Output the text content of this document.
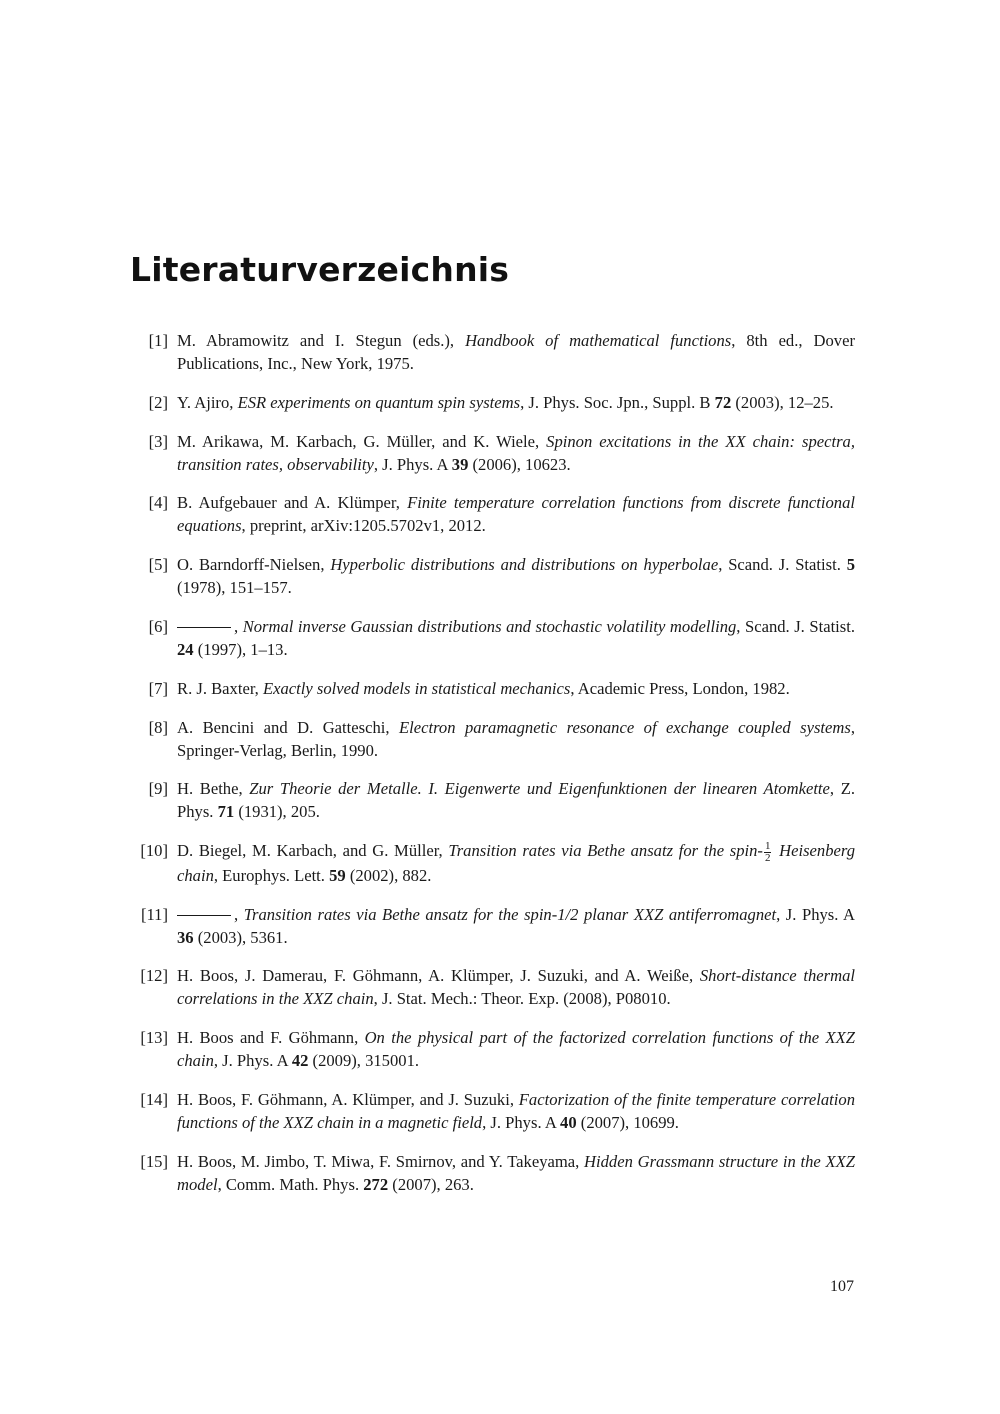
Literaturverzeichnis
[1] M. Abramowitz and I. Stegun (eds.), Handbook of mathematical functions, 8th ed., Dover Publications, Inc., New York, 1975.
[2] Y. Ajiro, ESR experiments on quantum spin systems, J. Phys. Soc. Jpn., Suppl. B 72 (2003), 12–25.
[3] M. Arikawa, M. Karbach, G. Müller, and K. Wiele, Spinon excitations in the XX chain: spectra, transition rates, observability, J. Phys. A 39 (2006), 10623.
[4] B. Aufgebauer and A. Klümper, Finite temperature correlation functions from discrete functional equations, preprint, arXiv:1205.5702v1, 2012.
[5] O. Barndorff-Nielsen, Hyperbolic distributions and distributions on hyperbolae, Scand. J. Statist. 5 (1978), 151–157.
[6]	, Normal inverse Gaussian distributions and stochastic volatility modelling, Scand. J. Statist. 24 (1997), 1–13.
[7] R. J. Baxter, Exactly solved models in statistical mechanics, Academic Press, London, 1982.
[8] A. Bencini and D. Gatteschi, Electron paramagnetic resonance of exchange coupled systems, Springer-Verlag, Berlin, 1990.
[9] H. Bethe, Zur Theorie der Metalle. I. Eigenwerte und Eigenfunktionen der linearen Atomkette, Z. Phys. 71 (1931), 205.
[10] D. Biegel, M. Karbach, and G. Müller, Transition rates via Bethe ansatz for the spin- $\frac{1}{2}$ Heisenberg chain, Europhys. Lett. 59 (2002), 882.
[11]	, Transition rates via Bethe ansatz for the spin-1/2 planar XXZ antiferromagnet, J. Phys. A 36 (2003), 5361.
[12] H. Boos, J. Damerau, F. Göhmann, A. Klümper, J. Suzuki, and A. Weiße, Short-distance thermal correlations in the XXZ chain, J. Stat. Mech.: Theor. Exp. (2008), P08010.
[13] H. Boos and F. Göhmann, On the physical part of the factorized correlation functions of the XXZ chain, J. Phys. A 42 (2009), 315001.
[14] H. Boos, F. Göhmann, A. Klümper, and J. Suzuki, Factorization of the finite temperature correlation functions of the XXZ chain in a magnetic field, J. Phys. A 40 (2007), 10699.
[15] H. Boos, M. Jimbo, T. Miwa, F. Smirnov, and Y. Takeyama, Hidden Grassmann structure in the XXZ model, Comm. Math. Phys. 272 (2007), 263.
107
